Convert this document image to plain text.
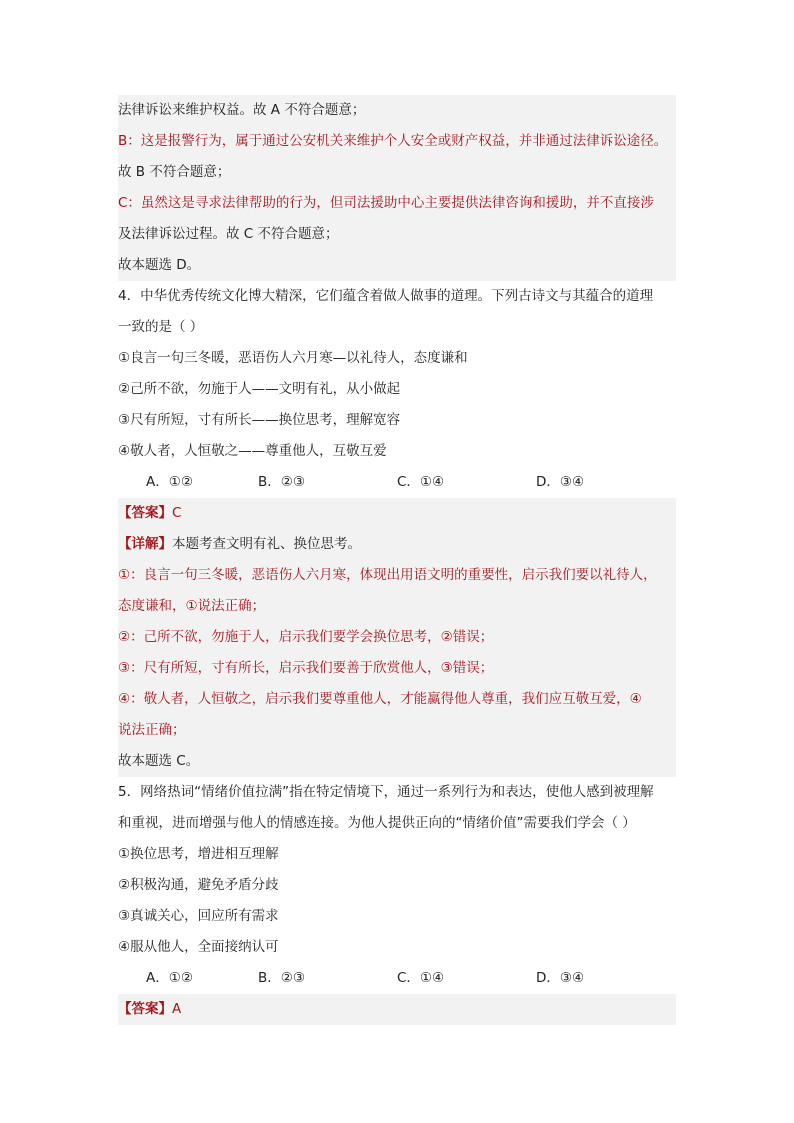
法律诉讼来维护权益。故 A 不符合题意；
B：这是报警行为，属于通过公安机关来维护个人安全或财产权益，并非通过法律诉讼途径。
故 B 不符合题意；
C：虽然这是寻求法律帮助的行为，但司法援助中心主要提供法律咨询和援助，并不直接涉
及法律诉讼过程。故 C 不符合题意；
故本题选 D。
4．中华优秀传统文化博大精深，它们蕴含着做人做事的道理。下列古诗文与其蕴合的道理
一致的是（ ）
①良言一句三冬暖，恶语伤人六月寒—以礼待人，态度谦和
②己所不欲，勿施于人——文明有礼，从小做起
③尺有所短，寸有所长——换位思考，理解宽容
④敬人者，人恒敬之——尊重他人，互敬互爱
A．①②	B．②③	C．①④	D．③④
【答案】C
【详解】本题考查文明有礼、换位思考。
①：良言一句三冬暖，恶语伤人六月寒，体现出用语文明的重要性，启示我们要以礼待人，
态度谦和，①说法正确；
②：己所不欲，勿施于人，启示我们要学会换位思考，②错误；
③：尺有所短，寸有所长，启示我们要善于欣赏他人，③错误；
④：敬人者，人恒敬之，启示我们要尊重他人，才能赢得他人尊重，我们应互敬互爱，④
说法正确；
故本题选 C。
5．网络热词“情绪价值拉满”指在特定情境下，通过一系列行为和表达，使他人感到被理解
和重视，进而增强与他人的情感连接。为他人提供正向的“情绪价值”需要我们学会（ ）
①换位思考，增进相互理解
②积极沟通，避免矛盾分歧
③真诚关心，回应所有需求
④服从他人，全面接纳认可
A．①②	B．②③	C．①④	D．③④
【答案】A
